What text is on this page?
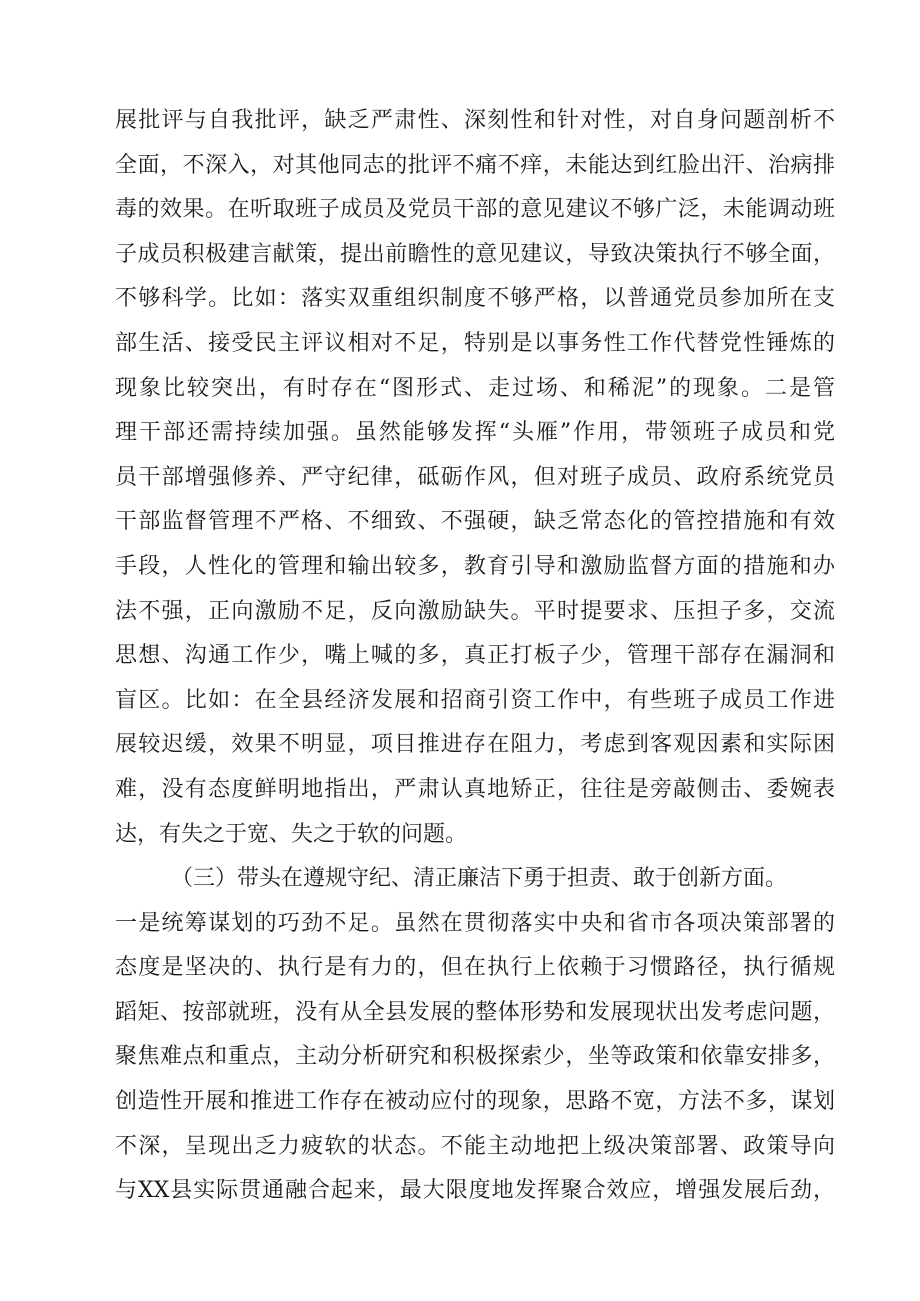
展批评与自我批评，缺乏严肃性、深刻性和针对性，对自身问题剖析不
全面，不深入，对其他同志的批评不痛不痒，未能达到红脸出汗、治病排
毒的效果。在听取班子成员及党员干部的意见建议不够广泛，未能调动班
子成员积极建言献策，提出前瞻性的意见建议，导致决策执行不够全面，
不够科学。比如：落实双重组织制度不够严格，以普通党员参加所在支
部生活、接受民主评议相对不足，特别是以事务性工作代替党性锤炼的
现象比较突出，有时存在“图形式、走过场、和稀泥”的现象。二是管
理干部还需持续加强。虽然能够发挥“头雁”作用，带领班子成员和党
员干部增强修养、严守纪律，砥砺作风，但对班子成员、政府系统党员
干部监督管理不严格、不细致、不强硬，缺乏常态化的管控措施和有效
手段，人性化的管理和输出较多，教育引导和激励监督方面的措施和办
法不强，正向激励不足，反向激励缺失。平时提要求、压担子多，交流
思想、沟通工作少，嘴上喊的多，真正打板子少，管理干部存在漏洞和
盲区。比如：在全县经济发展和招商引资工作中，有些班子成员工作进
展较迟缓，效果不明显，项目推进存在阻力，考虑到客观因素和实际困
难，没有态度鲜明地指出，严肃认真地矫正，往往是旁敲侧击、委婉表
达，有失之于宽、失之于软的问题。
（三）带头在遵规守纪、清正廉洁下勇于担责、敢于创新方面。
一是统筹谋划的巧劲不足。虽然在贯彻落实中央和省市各项决策部署的
态度是坚决的、执行是有力的，但在执行上依赖于习惯路径，执行循规
蹈矩、按部就班，没有从全县发展的整体形势和发展现状出发考虑问题，
聚焦难点和重点，主动分析研究和积极探索少，坐等政策和依靠安排多，
创造性开展和推进工作存在被动应付的现象，思路不宽，方法不多，谋划
不深，呈现出乏力疲软的状态。不能主动地把上级决策部署、政策导向
与XX县实际贯通融合起来，最大限度地发挥聚合效应，增强发展后劲，
